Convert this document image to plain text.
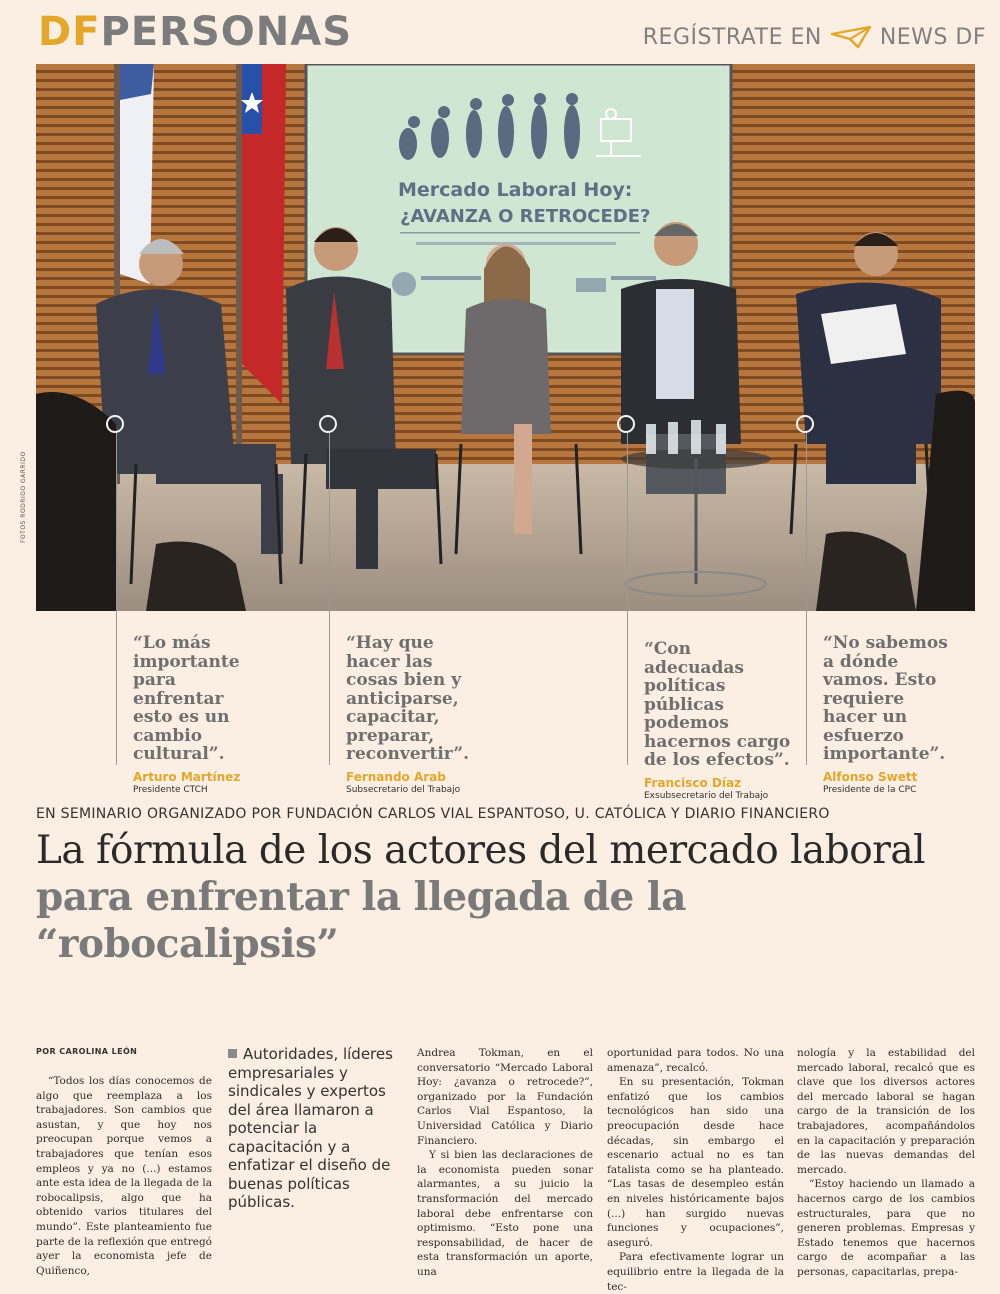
DFPERSONAS	REGÍSTRATE EN	NEWS DF
Mercado Laboral Hoy:
¿AVANZA O RETROCEDE?
FOTOS RODRIGO GARRIDO
“Lo más importante para enfrentar esto es un cambio cultural”.
Arturo Martínez
Presidente CTCH
“Hay que hacer las cosas bien y anticiparse, capacitar, preparar, reconvertir”.
Fernando Arab
Subsecretario del Trabajo
“Con adecuadas políticas públicas podemos hacernos cargo de los efectos”.
Francisco Díaz
Exsubsecretario del Trabajo
“No sabemos a dónde vamos. Esto requiere hacer un esfuerzo importante”.
Alfonso Swett
Presidente de la CPC
EN SEMINARIO ORGANIZADO POR FUNDACIÓN CARLOS VIAL ESPANTOSO, U. CATÓLICA Y DIARIO FINANCIERO
La fórmula de los actores del mercado laboral para enfrentar la llegada de la “robocalipsis”
POR CAROLINA LEÓN

“Todos los días conocemos de algo que reemplaza a los trabajadores. Son cambios que asustan, y que hoy nos preocupan porque vemos a trabajadores que tenían esos empleos y ya no (...) estamos ante esta idea de la llegada de la robocalipsis, algo que ha obtenido varios titulares del mundo”. Este planteamiento fue parte de la reflexión que entregó ayer la economista jefe de Quiñenco,

Autoridades, líderes empresariales y sindicales y expertos del área llamaron a potenciar la capacitación y a enfatizar el diseño de buenas políticas públicas.

Andrea Tokman, en el conversatorio “Mercado Laboral Hoy: ¿avanza o retrocede?”, organizado por la Fundación Carlos Vial Espantoso, la Universidad Católica y Diario Financiero.

Y si bien las declaraciones de la economista pueden sonar alarmantes, a su juicio la transformación del mercado laboral debe enfrentarse con optimismo. “Esto pone una responsabilidad, de hacer de esta transformación un aporte, una

oportunidad para todos. No una amenaza”, recalcó.

En su presentación, Tokman enfatizó que los cambios tecnológicos han sido una preocupación desde hace décadas, sin embargo el escenario actual no es tan fatalista como se ha planteado. “Las tasas de desempleo están en niveles históricamente bajos (...) han surgido nuevas funciones y ocupaciones”, aseguró.

Para efectivamente lograr un equilibrio entre la llegada de la tec-

nología y la estabilidad del mercado laboral, recalcó que es clave que los diversos actores del mercado laboral se hagan cargo de la transición de los trabajadores, acompañándolos en la capacitación y preparación de las nuevas demandas del mercado.

“Estoy haciendo un llamado a hacernos cargo de los cambios estructurales, para que no generen problemas. Empresas y Estado tenemos que hacernos cargo de acompañar a las personas, capacitarlas, prepa-
